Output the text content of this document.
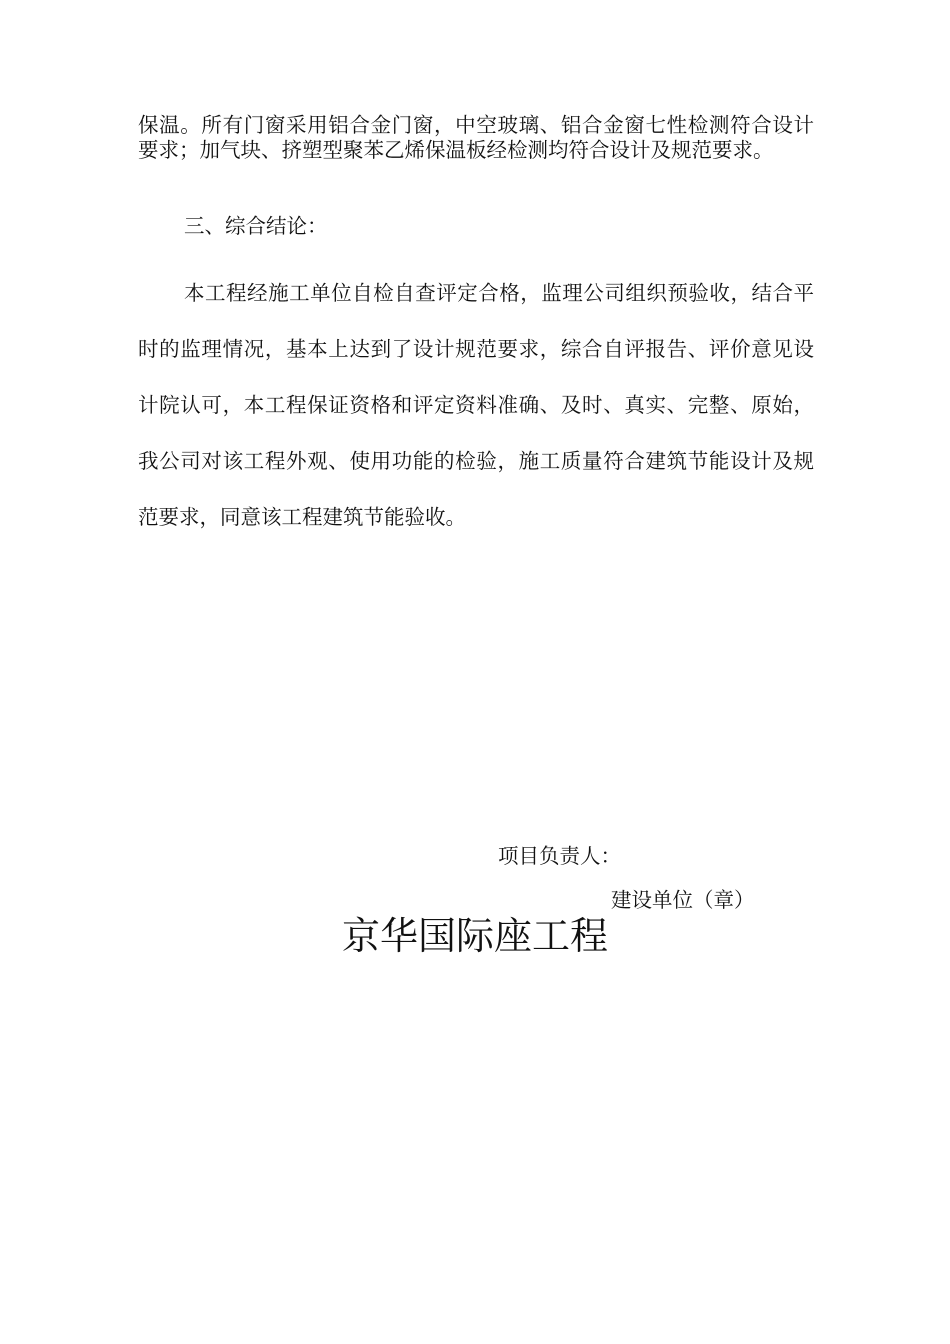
保温。所有门窗采用铝合金门窗，中空玻璃、铝合金窗七性检测符合设计要求；加气块、挤塑型聚苯乙烯保温板经检测均符合设计及规范要求。

三、综合结论：

本工程经施工单位自检自查评定合格，监理公司组织预验收，结合平时的监理情况，基本上达到了设计规范要求，综合自评报告、评价意见设计院认可，本工程保证资格和评定资料准确、及时、真实、完整、原始，我公司对该工程外观、使用功能的检验，施工质量符合建筑节能设计及规范要求，同意该工程建筑节能验收。

项目负责人：

建设单位（章）

京华国际座工程
